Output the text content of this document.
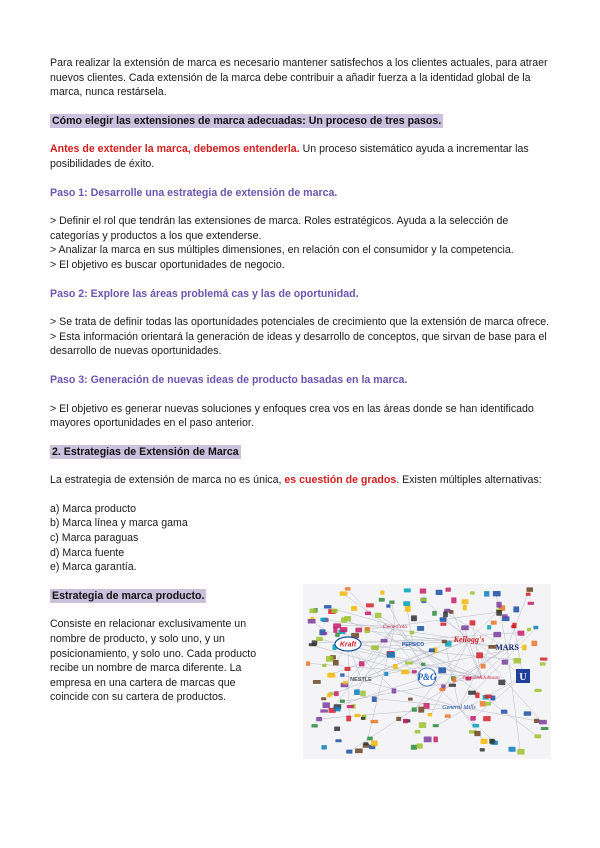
Para realizar la extensión de marca es necesario mantener satisfechos a los clientes actuales, para atraer nuevos clientes. Cada extensión de la marca debe contribuir a añadir fuerza a la identidad global de la marca, nunca restársela.

Cómo elegir las extensiones de marca adecuadas: Un proceso de tres pasos.

Antes de extender la marca, debemos entenderla. Un proceso sistemático ayuda a incrementar las posibilidades de éxito.

Paso 1: Desarrolle una estrategia de extensión de marca.

> Definir el rol que tendrán las extensiones de marca. Roles estratégicos. Ayuda a la selección de categorías y productos a los que extenderse.

> Analizar la marca en sus múltiples dimensiones, en relación con el consumidor y la competencia.

> El objetivo es buscar oportunidades de negocio.

Paso 2: Explore las áreas problemá cas y las de oportunidad.

> Se trata de definir todas las oportunidades potenciales de crecimiento que la extensión de marca ofrece.

> Esta información orientará la generación de ideas y desarrollo de conceptos, que sirvan de base para el desarrollo de nuevas oportunidades.

Paso 3: Generación de nuevas ideas de producto basadas en la marca.

> El objetivo es generar nuevas soluciones y enfoques crea vos en las áreas donde se han identificado mayores oportunidades en el paso anterior.

2. Estrategias de Extensión de Marca

La estrategia de extensión de marca no es única, es cuestión de grados. Existen múltiples alternativas:

a) Marca producto

b) Marca línea y marca gama

c) Marca paraguas

d) Marca fuente

e) Marca garantía.

Estrategia de marca producto.

Consiste en relacionar exclusivamente un nombre de producto, y solo uno, y un posicionamiento, y solo uno. Cada producto recibe un nombre de marca diferente. La empresa en una cartera de marcas que coincide con su cartera de productos.

Kraft
Coca-Cola
PEPSICO
Kellogg's
MARS
NESTLE	P&G	Johnson&Johnson U
General Mills
